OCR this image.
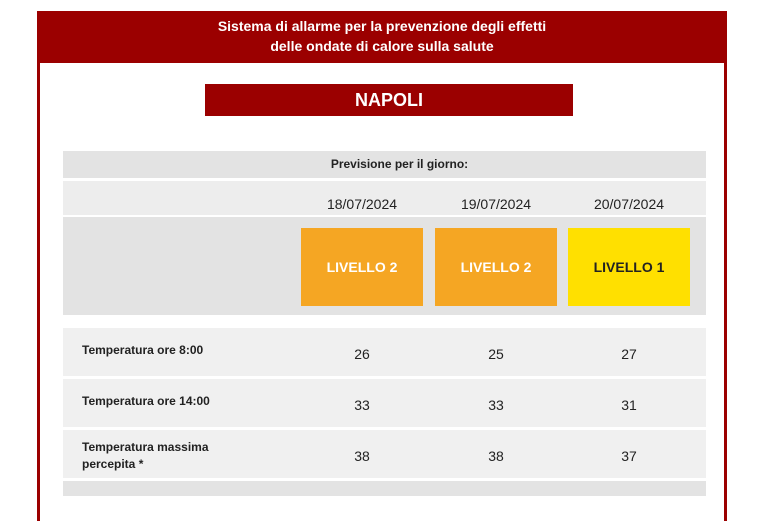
Sistema di allarme per la prevenzione degli effetti
delle ondate di calore sulla salute
NAPOLI
Previsione per il giorno:
18/07/2024	19/07/2024	20/07/2024
LIVELLO 2	LIVELLO 2	LIVELLO 1
Temperatura ore 8:00	26	25	27
Temperatura ore 14:00	33	33	31
Temperatura massima
percepita *	38	38	37
